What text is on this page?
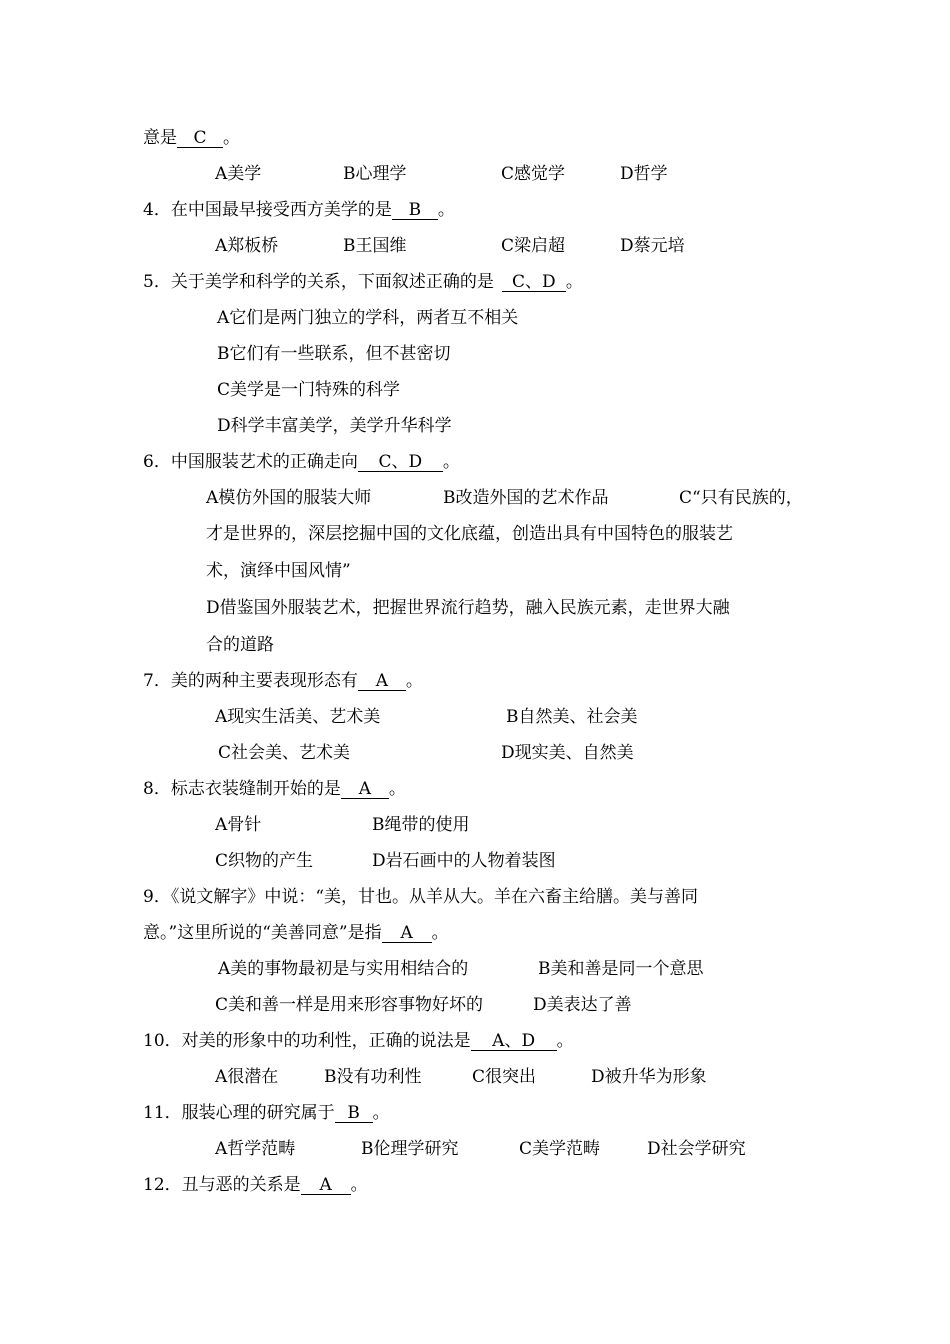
意是 C 。
A美学	B心理学	C感觉学	D哲学
4．在中国最早接受西方美学的是 B 。
A郑板桥	B王国维	C梁启超	D蔡元培
5．关于美学和科学的关系，下面叙述正确的是 C、D 。
A它们是两门独立的学科，两者互不相关
B它们有一些联系，但不甚密切
C美学是一门特殊的科学
D科学丰富美学，美学升华科学
6．中国服装艺术的正确走向 C、D 。
A模仿外国的服装大师	B改造外国的艺术作品	C“只有民族的，
才是世界的，深层挖掘中国的文化底蕴，创造出具有中国特色的服装艺
术，演绎中国风情”
D借鉴国外服装艺术，把握世界流行趋势，融入民族元素，走世界大融
合的道路
7．美的两种主要表现形态有 A 。
A现实生活美、艺术美	B自然美、社会美
C社会美、艺术美	D现实美、自然美
8．标志衣装缝制开始的是 A 。
A骨针	B绳带的使用
C织物的产生	D岩石画中的人物着装图
9．《说文解字》中说：“美，甘也。从羊从大。羊在六畜主给膳。美与善同
意。”这里所说的“美善同意”是指 A 。
A美的事物最初是与实用相结合的	B美和善是同一个意思
C美和善一样是用来形容事物好坏的	D美表达了善
10．对美的形象中的功利性，正确的说法是 A、D 。
A很潜在	B没有功利性	C很突出	D被升华为形象
11．服装心理的研究属于 B 。
A哲学范畴	B伦理学研究	C美学范畴	D社会学研究
12．丑与恶的关系是 A 。
